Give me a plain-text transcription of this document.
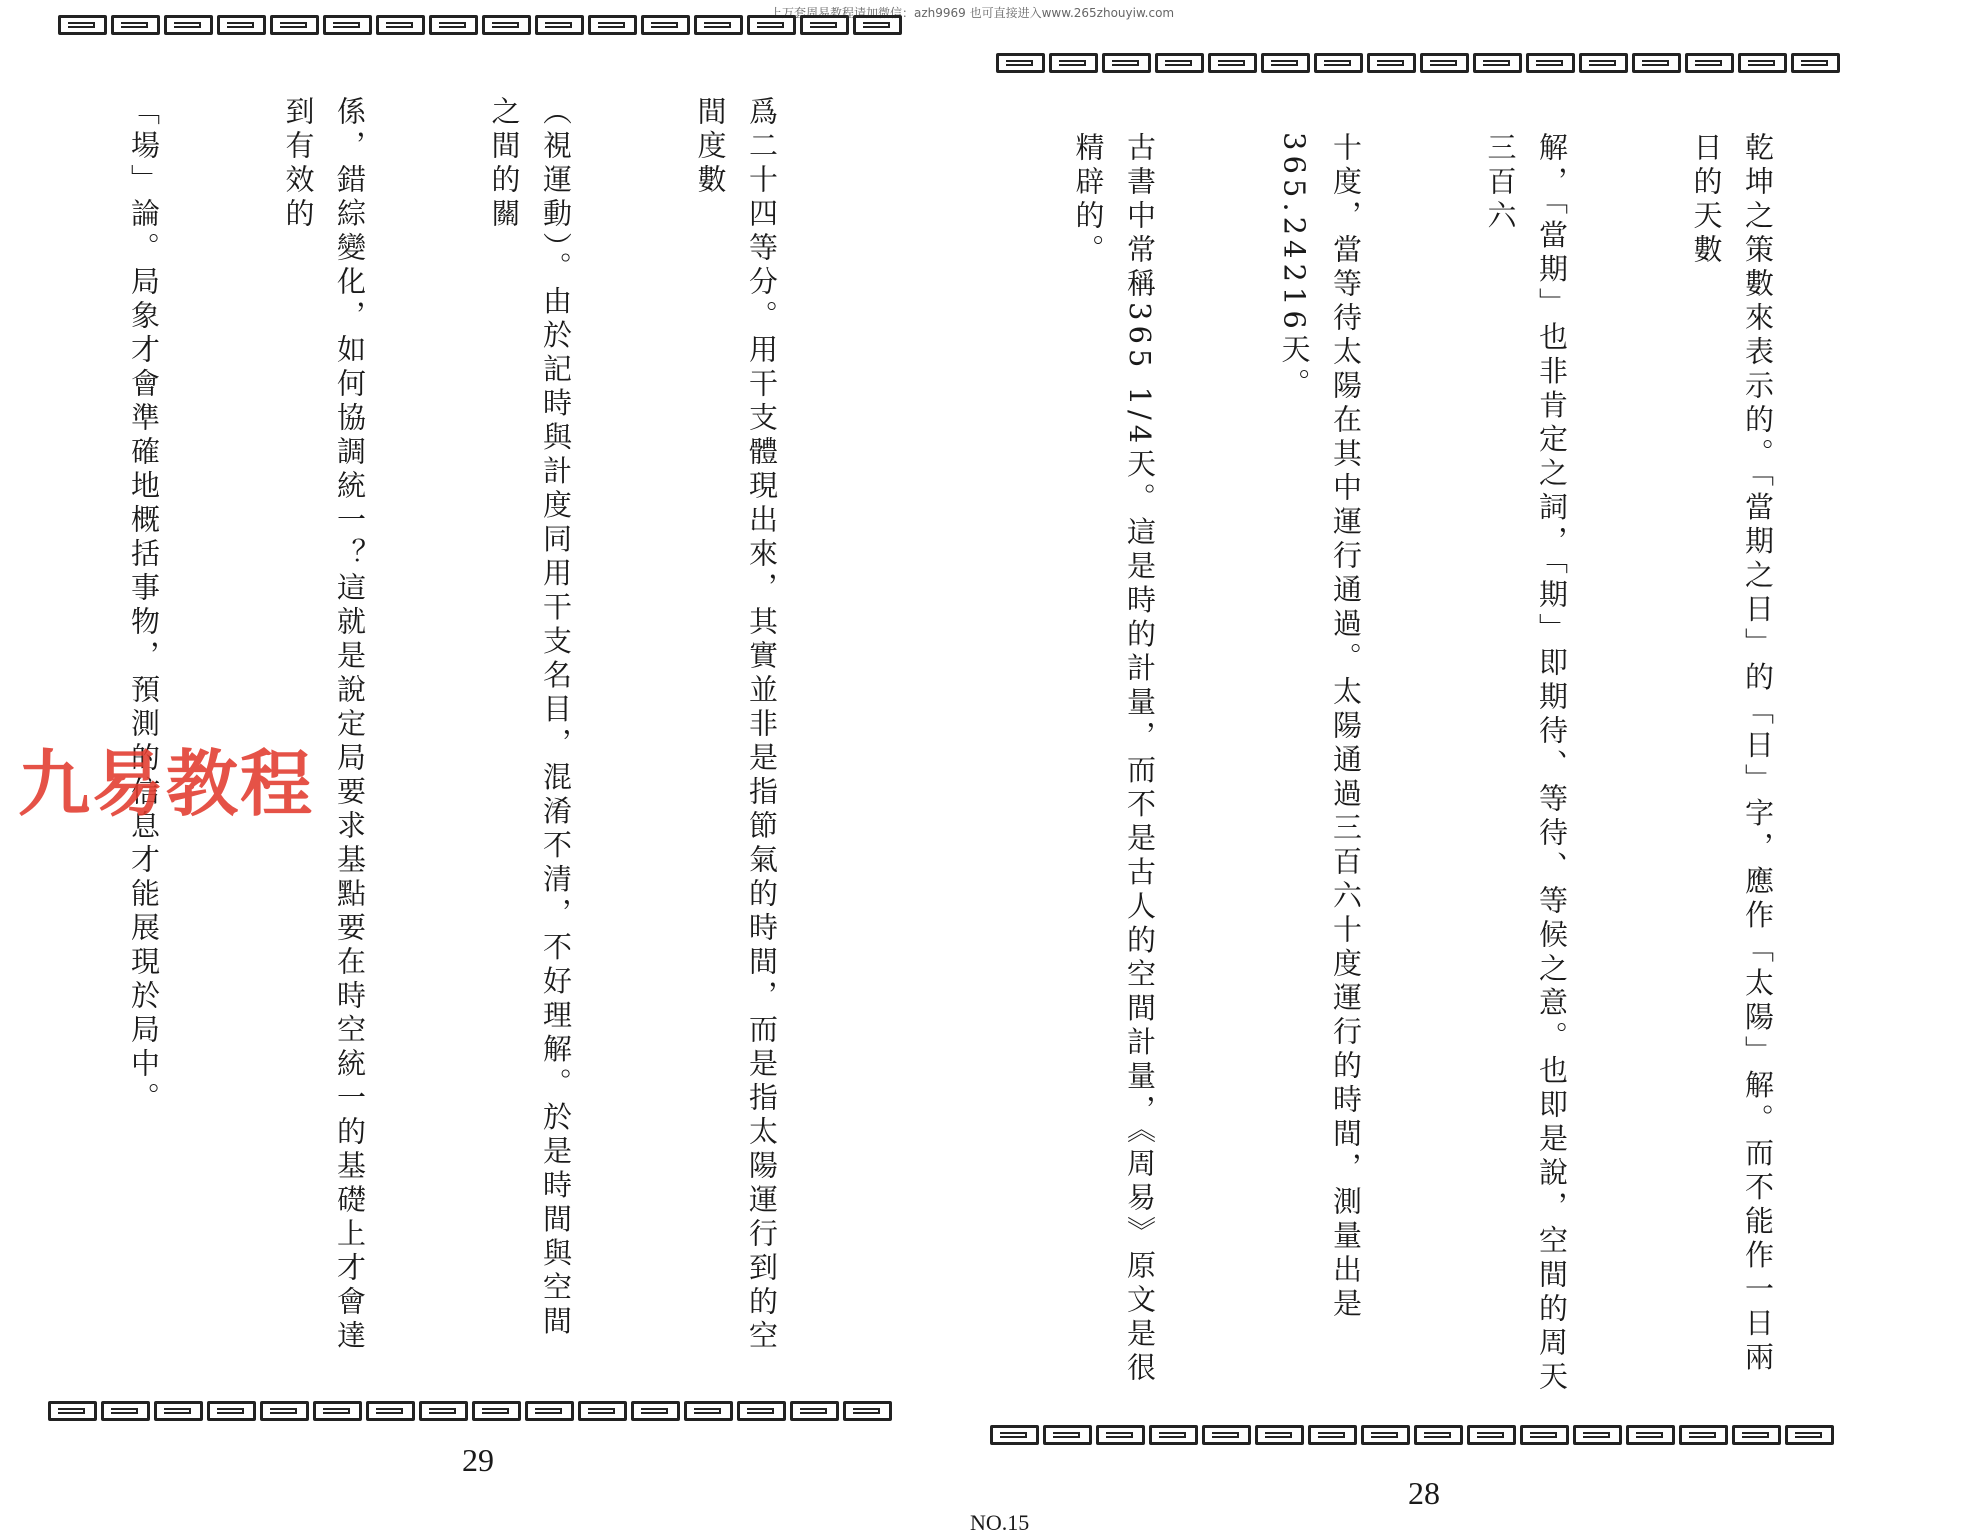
上万套周易教程请加微信：azh9969 也可直接进入www.265zhouyiw.com

爲二十四等分。用干支體現出來，其實並非是指節氣的時間，而是指太陽運行到的空間度數

（視運動）。由於記時與計度同用干支名目，混淆不清，不好理解。於是時間與空間之間的關

係，錯綜變化，如何協調統一？這就是說定局要求基點要在時空統一的基礎上才會達到有效的

「場」論。局象才會準確地概括事物，預測的信息才能展現於局中。

29

乾坤之策數來表示的。「當期之日」的「日」字，應作「太陽」解。而不能作一日兩日的天數

解，「當期」也非肯定之詞，「期」即期待、等待、等候之意。也即是說，空間的周天三百六

十度，當等待太陽在其中運行通過。太陽通過三百六十度運行的時間，測量出是365.24216天。

古書中常稱365 1/4天。這是時的計量，而不是古人的空間計量，《周易》原文是很精辟的。

28
九易教程
NO.15
